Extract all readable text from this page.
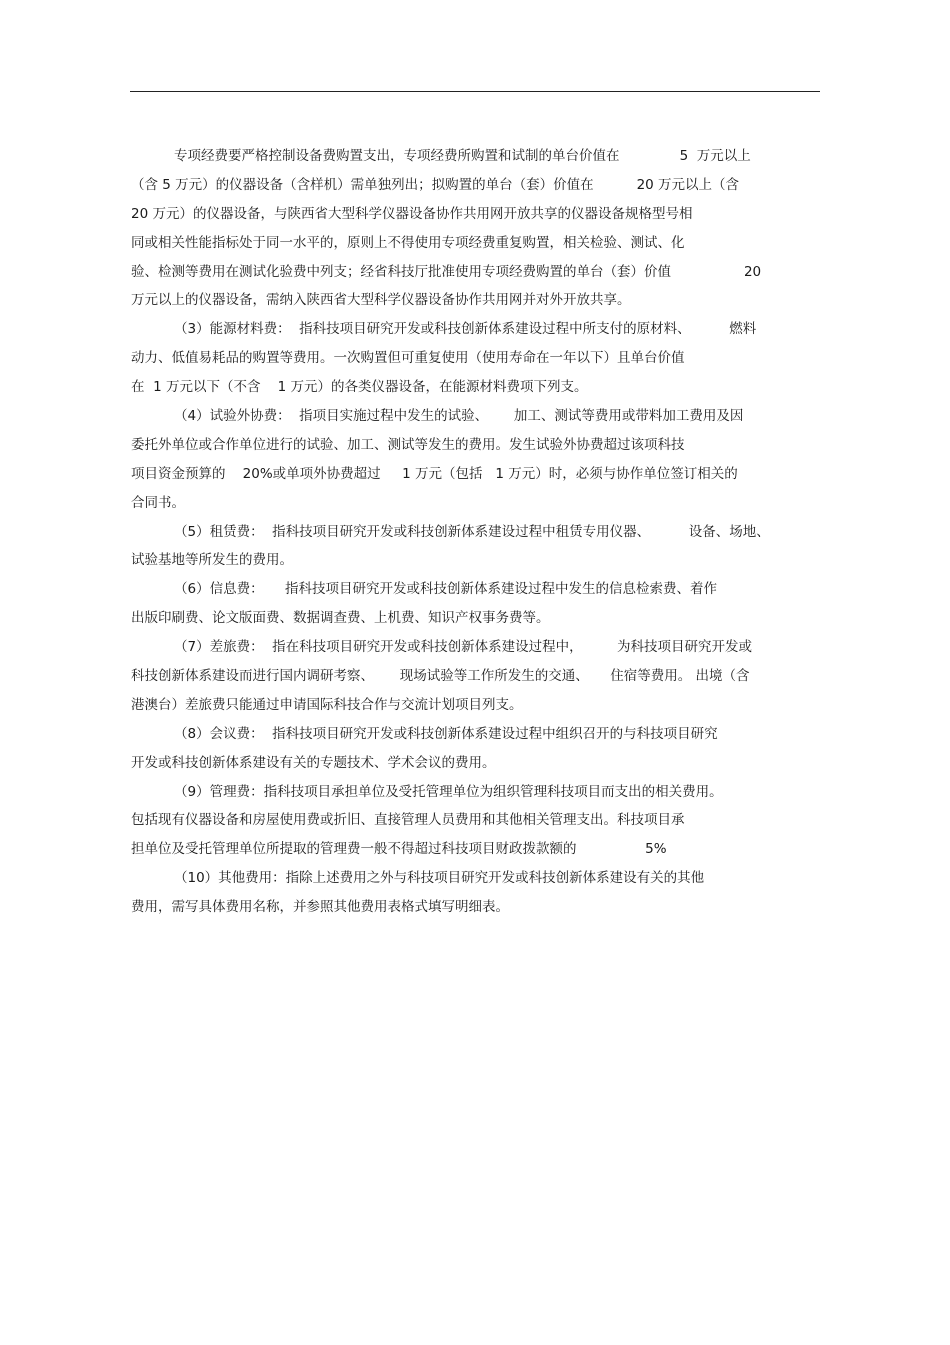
专项经费要严格控制设备费购置支出，专项经费所购置和试制的单台价值在              5  万元以上
（含 5 万元）的仪器设备（含样机）需单独列出；拟购置的单台（套）价值在          20 万元以上（含
20 万元）的仪器设备，与陕西省大型科学仪器设备协作共用网开放共享的仪器设备规格型号相
同或相关性能指标处于同一水平的，原则上不得使用专项经费重复购置，相关检验、测试、化
验、检测等费用在测试化验费中列支；经省科技厅批准使用专项经费购置的单台（套）价值                 20
万元以上的仪器设备，需纳入陕西省大型科学仪器设备协作共用网并对外开放共享。
（3）能源材料费：  指科技项目研究开发或科技创新体系建设过程中所支付的原材料、         燃料
动力、低值易耗品的购置等费用。一次购置但可重复使用（使用寿命在一年以下）且单台价值
在  1 万元以下（不含    1 万元）的各类仪器设备，在能源材料费项下列支。
（4）试验外协费：  指项目实施过程中发生的试验、      加工、测试等费用或带料加工费用及因
委托外单位或合作单位进行的试验、加工、测试等发生的费用。发生试验外协费超过该项科技
项目资金预算的    20%或单项外协费超过     1 万元（包括   1 万元）时，必须与协作单位签订相关的
合同书。
（5）租赁费：  指科技项目研究开发或科技创新体系建设过程中租赁专用仪器、         设备、场地、
试验基地等所发生的费用。
（6）信息费：     指科技项目研究开发或科技创新体系建设过程中发生的信息检索费、着作
出版印刷费、论文版面费、数据调查费、上机费、知识产权事务费等。
（7）差旅费：  指在科技项目研究开发或科技创新体系建设过程中，        为科技项目研究开发或
科技创新体系建设而进行国内调研考察、      现场试验等工作所发生的交通、     住宿等费用。 出境（含
港澳台）差旅费只能通过申请国际科技合作与交流计划项目列支。
（8）会议费：  指科技项目研究开发或科技创新体系建设过程中组织召开的与科技项目研究
开发或科技创新体系建设有关的专题技术、学术会议的费用。
（9）管理费：指科技项目承担单位及受托管理单位为组织管理科技项目而支出的相关费用。
包括现有仪器设备和房屋使用费或折旧、直接管理人员费用和其他相关管理支出。科技项目承
担单位及受托管理单位所提取的管理费一般不得超过科技项目财政拨款额的                5%
（10）其他费用：指除上述费用之外与科技项目研究开发或科技创新体系建设有关的其他
费用，需写具体费用名称，并参照其他费用表格式填写明细表。
